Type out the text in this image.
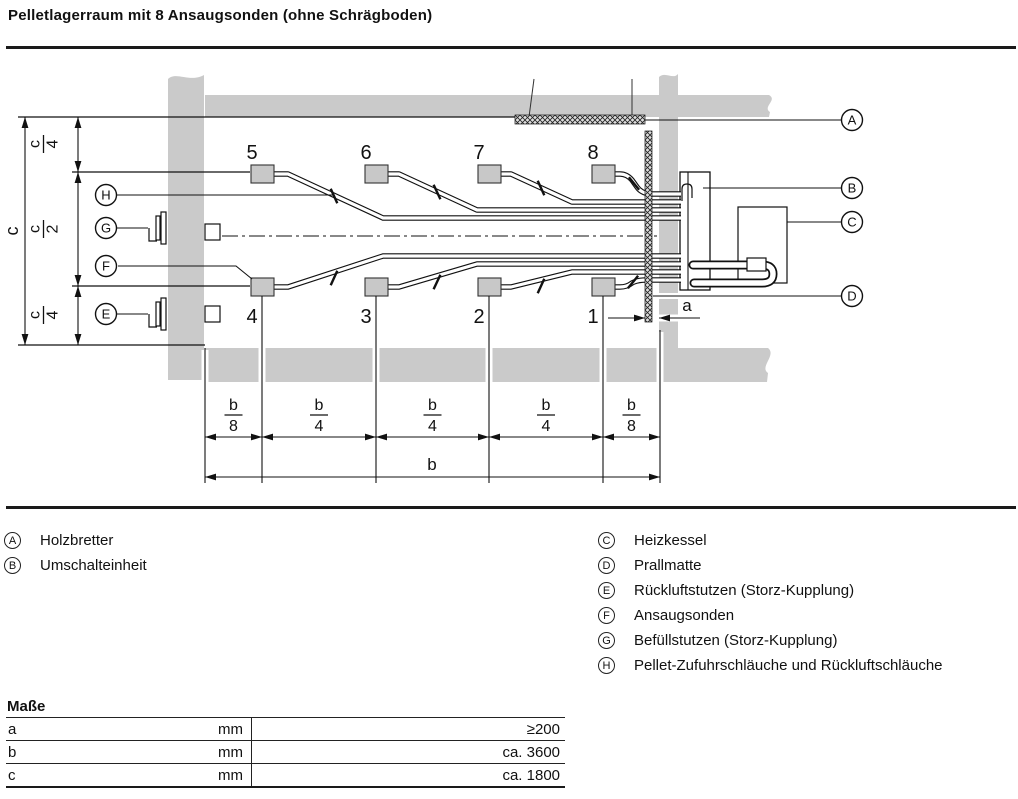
Pelletlagerraum mit 8 Ansaugsonden (ohne Schrägboden)
5	6	7	8
4	3	2	1
b
8
b
4
b
4
b
4
b
8
b
a
c
c 4
c 2
c 4
H
G
F
E
A
B
C
D
A	Holzbretter
B	Umschalteinheit
C	Heizkessel
D	Prallmatte
E	Rückluftstutzen (Storz-Kupplung)
F	Ansaugsonden
G Befüllstutzen (Storz-Kupplung)
H	Pellet-Zufuhrschläuche und Rückluftschläuche
Maße
a	mm	≥200
b	mm	ca. 3600
c	mm	ca. 1800
